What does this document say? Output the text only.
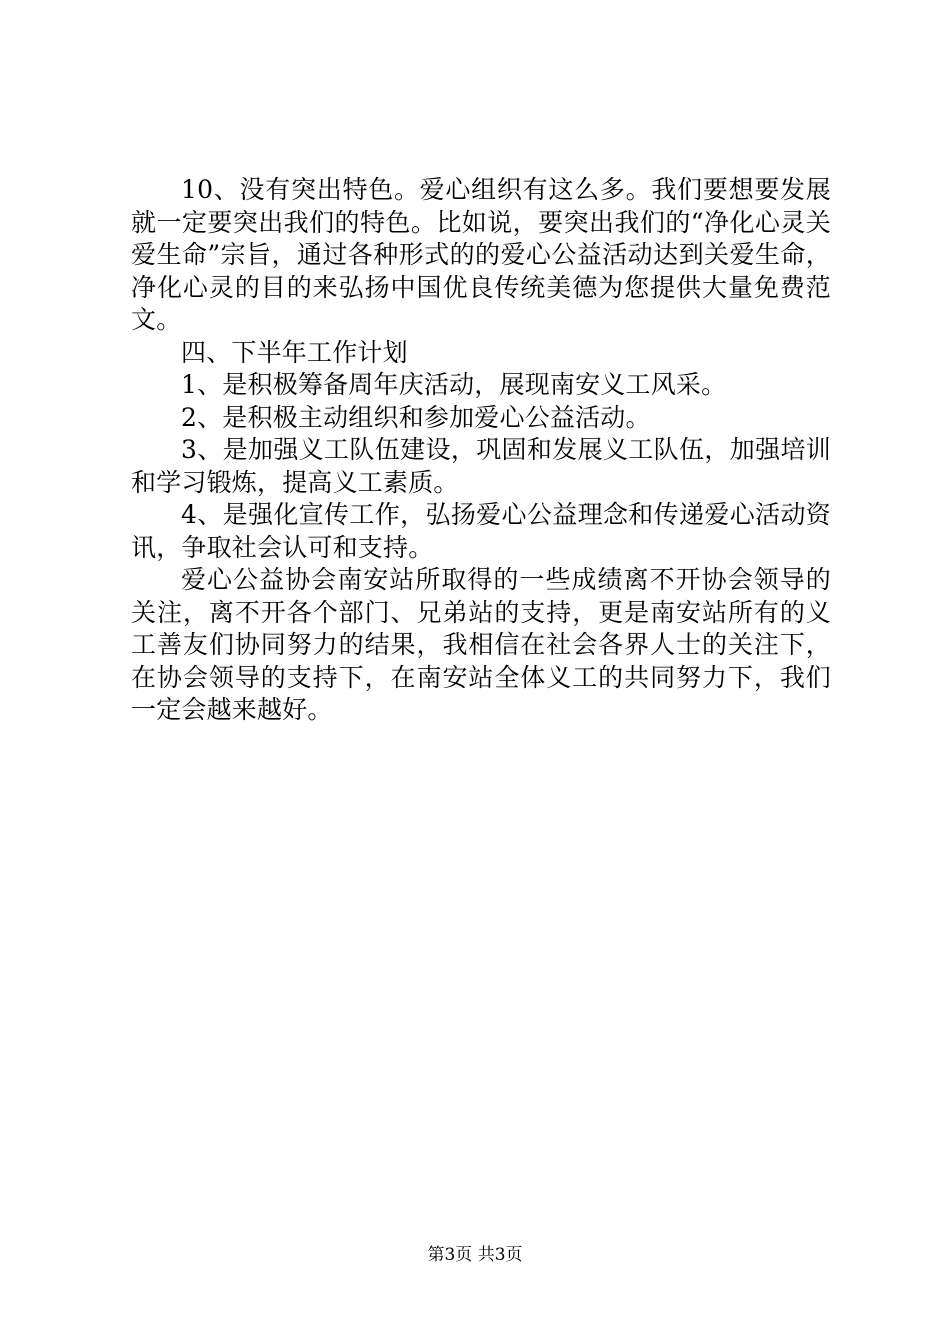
10、没有突出特色。爱心组织有这么多。我们要想要发展就一定要突出我们的特色。比如说，要突出我们的“净化心灵关爱生命”宗旨，通过各种形式的的爱心公益活动达到关爱生命，净化心灵的目的来弘扬中国优良传统美德为您提供大量免费范文。

四、下半年工作计划

1、是积极筹备周年庆活动，展现南安义工风采。

2、是积极主动组织和参加爱心公益活动。

3、是加强义工队伍建设，巩固和发展义工队伍，加强培训和学习锻炼，提高义工素质。

4、是强化宣传工作，弘扬爱心公益理念和传递爱心活动资讯，争取社会认可和支持。

爱心公益协会南安站所取得的一些成绩离不开协会领导的关注，离不开各个部门、兄弟站的支持，更是南安站所有的义工善友们协同努力的结果，我相信在社会各界人士的关注下，在协会领导的支持下，在南安站全体义工的共同努力下，我们一定会越来越好。

第3页 共3页
